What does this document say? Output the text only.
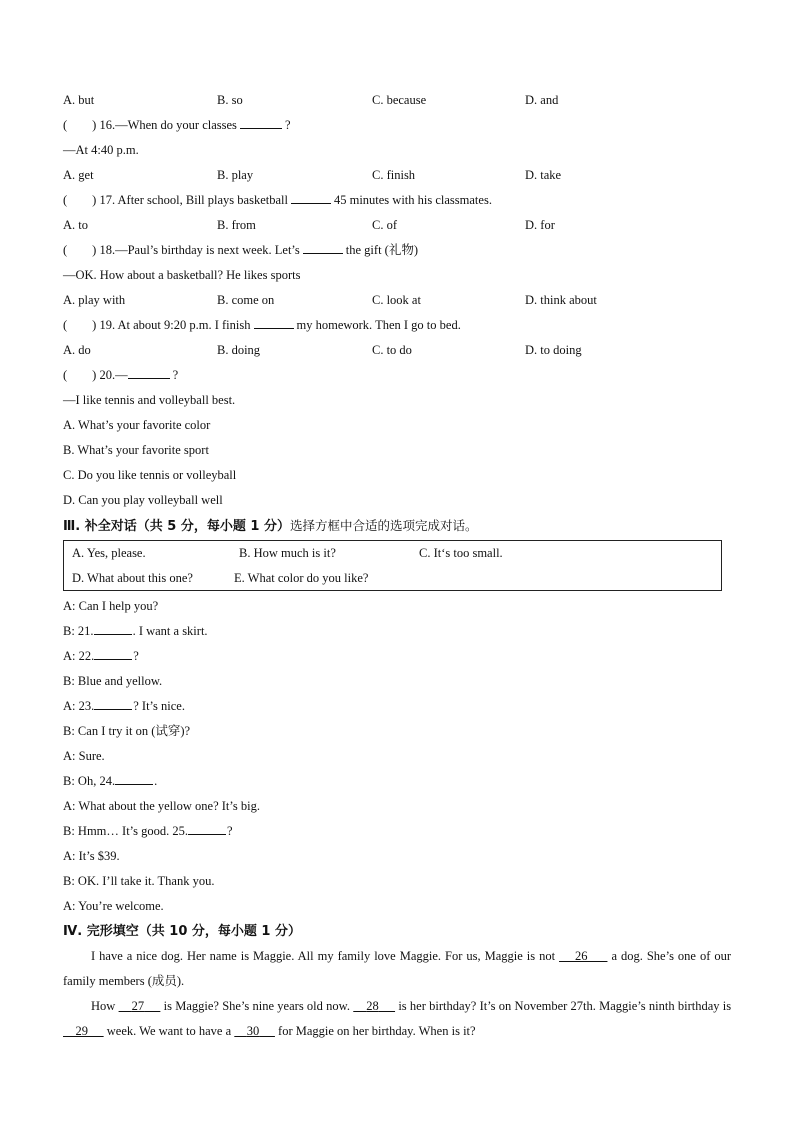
A. but	B. so	C. because	D. and
(        ) 16.—When do your classes	?
—At 4:40 p.m.
A. get	B. play	C. finish	D. take
(        ) 17. After school, Bill plays basketball	45 minutes with his classmates.
A. to	B. from	C. of	D. for
(        ) 18.—Paul’s birthday is next week. Let’s	the gift (礼物)
—OK. How about a basketball? He likes sports
A. play with	B. come on	C. look at	D. think about
(        ) 19. At about 9:20 p.m. I finish	my homework. Then I go to bed.
A. do	B. doing	C. to do	D. to doing
(        ) 20.—	?
—I like tennis and volleyball best.
A. What’s your favorite color
B. What’s your favorite sport
C. Do you like tennis or volleyball
D. Can you play volleyball well
Ⅲ. 补全对话（共 5 分，每小题 1 分）选择方框中合适的选项完成对话。
A. Yes, please.	B. How much is it?	C. It‘s too small.
D. What about this one?	E. What color do you like?
A: Can I help you?
B: 21.	. I want a skirt.
A: 22.	?
B: Blue and yellow.
A: 23.	? It’s nice.
B: Can I try it on (试穿)?
A: Sure.
B: Oh, 24.	.
A: What about the yellow one? It’s big.
B: Hmm… It’s good. 25.	?
A: It’s $39.
B: OK. I’ll take it. Thank you.
A: You’re welcome.
Ⅳ. 完形填空（共 10 分，每小题 1 分）
I have a nice dog. Her name is Maggie. All my family love Maggie. For us, Maggie is not 26 a dog. She’s one of our family members (成员).
How 27 is Maggie? She’s nine years old now. 28 is her birthday? It’s on November 27th. Maggie’s ninth birthday is     29 week. We want to have a 30 for Maggie on her birthday. When is it?
